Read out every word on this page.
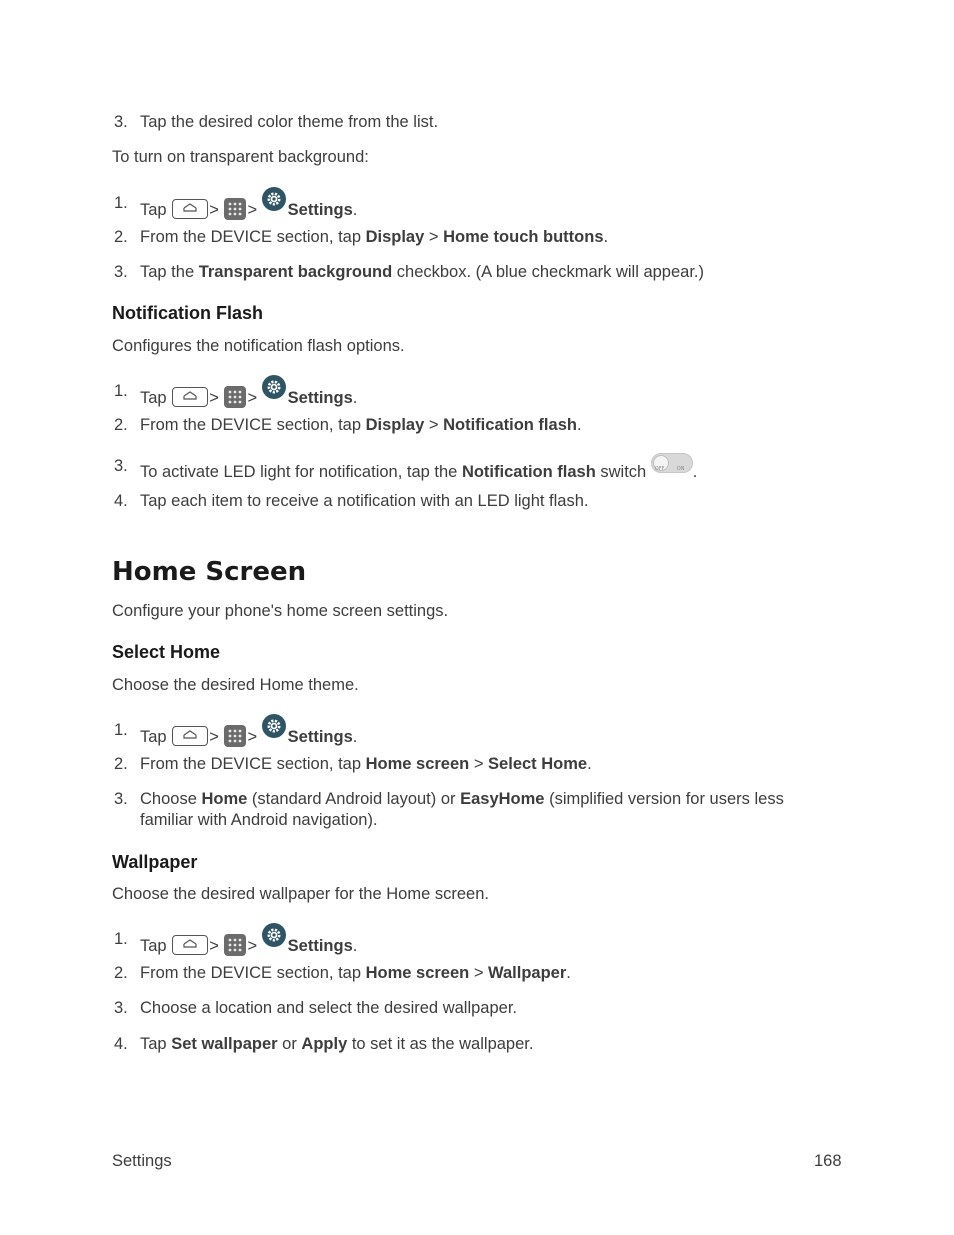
3. Tap the desired color theme from the list.
To turn on transparent background:
1. Tap	> > Settings.
2. From the DEVICE section, tap Display > Home touch buttons.
3. Tap the Transparent background checkbox. (A blue checkmark will appear.)
Notification Flash
Configures the notification flash options.
1. Tap	> > Settings.
2. From the DEVICE section, tap Display > Notification flash.
3. To activate LED light for notification, tap the Notification flash switch OFF ON .
4. Tap each item to receive a notification with an LED light flash.
Home Screen
Configure your phone's home screen settings.
Select Home
Choose the desired Home theme.
1. Tap	> > Settings.
2. From the DEVICE section, tap Home screen > Select Home.
3. Choose Home (standard Android layout) or EasyHome (simplified version for users less
familiar with Android navigation).
Wallpaper
Choose the desired wallpaper for the Home screen.
1. Tap	> > Settings.
2. From the DEVICE section, tap Home screen > Wallpaper.
3. Choose a location and select the desired wallpaper.
4. Tap Set wallpaper or Apply to set it as the wallpaper.
Settings	168
